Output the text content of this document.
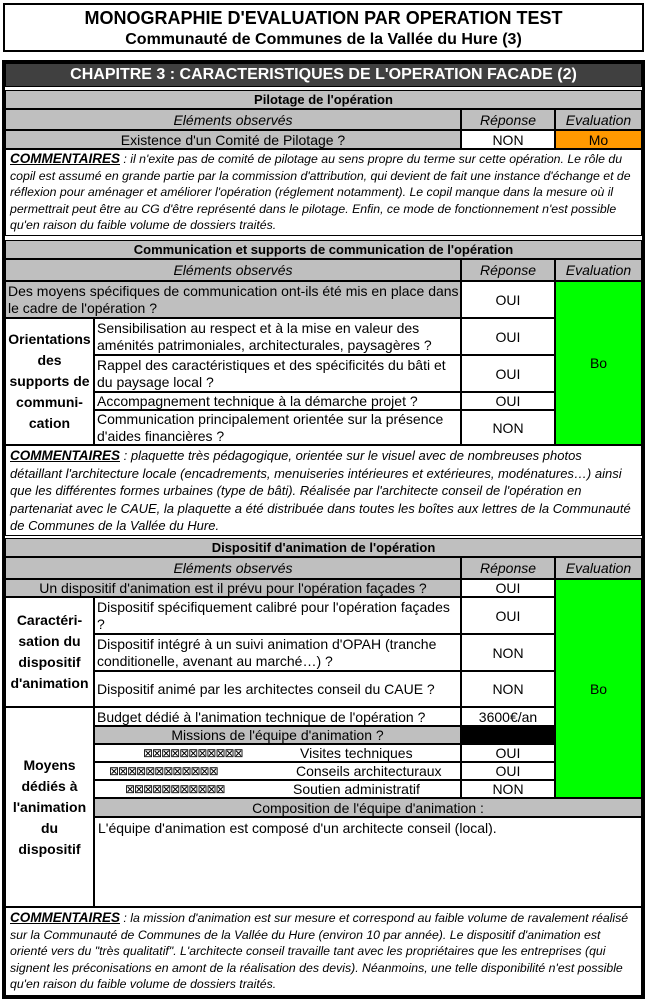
MONOGRAPHIE D'EVALUATION PAR OPERATION TEST
Communauté de Communes de la Vallée du Hure (3)
CHAPITRE 3 : CARACTERISTIQUES DE L'OPERATION FACADE (2)
Pilotage de l'opération
Eléments observés	Réponse	Evaluation
Existence d'un Comité de Pilotage ?	NON	Mo
COMMENTAIRES : il n'exite pas de comité de pilotage au sens propre du terme sur cette opération. Le rôle du copil est assumé en grande partie par la commission d'attribution, qui devient de fait une instance d'échange et de réflexion pour aménager et améliorer l'opération (réglement notamment). Le copil manque dans la mesure où il permettrait peut être au CG d'être représenté dans le pilotage. Enfin, ce mode de fonctionnement n'est possible qu'en raison du faible volume de dossiers traités.
Communication et supports de communication de l'opération
Eléments observés	Réponse	Evaluation
Des moyens spécifiques de communication ont-ils été mis en place dans le cadre de l'opération ?	OUI
Orientations des supports de communi-cation
Sensibilisation au respect et à la mise en valeur des aménités patrimoniales, architecturales, paysagères ?	OUI
Rappel des caractéristiques et des spécificités du bâti et du paysage local ?	OUI
Accompagnement technique à la démarche projet ?	OUI
Communication principalement orientée sur la présence d'aides financières ?	NON
Bo
COMMENTAIRES : plaquette très pédagogique, orientée sur le visuel avec de nombreuses photos détaillant l'architecture locale (encadrements, menuiseries intérieures et extérieures, modénatures…) ainsi que les différentes formes urbaines (type de bâti). Réalisée par l'architecte conseil de l'opération en partenariat avec le CAUE, la plaquette a été distribuée dans toutes les boîtes aux lettres de la Communauté de Communes de la Vallée du Hure.
Dispositif d'animation de l'opération
Eléments observés	Réponse	Evaluation
Un dispositif d'animation est il prévu pour l'opération façades ?	OUI
Caractéri-sation du dispositif d'animation
Dispositif spécifiquement calibré pour l'opération façades ?	OUI
Dispositif intégré à un suivi animation d'OPAH (tranche conditionelle, avenant au marché…) ?	NON
Dispositif animé par les architectes conseil du CAUE ?	NON	Bo
Moyens dédiés à l'animation du dispositif
Budget dédié à l'animation technique de l'opération ?	3600€/an
Missions de l'équipe d'animation ?
⊠⊠⊠⊠⊠⊠⊠⊠⊠⊠⊠	Visites techniques	OUI
⊠⊠⊠⊠⊠⊠⊠⊠⊠⊠⊠⊠	Conseils architecturaux	OUI
⊠⊠⊠⊠⊠⊠⊠⊠⊠⊠⊠	Soutien administratif	NON
Composition de l'équipe d'animation :
L'équipe d'animation est composé d'un architecte conseil (local).
COMMENTAIRES : la mission d'animation est sur mesure et correspond au faible volume de ravalement réalisé sur la Communauté de Communes de la Vallée du Hure (environ 10 par année). Le dispositif d'animation est orienté vers du "très qualitatif". L'architecte conseil travaille tant avec les propriétaires que les entreprises (qui signent les préconisations en amont de la réalisation des devis). Néanmoins, une telle disponibilité n'est possible qu'en raison du faible volume de dossiers traités.
